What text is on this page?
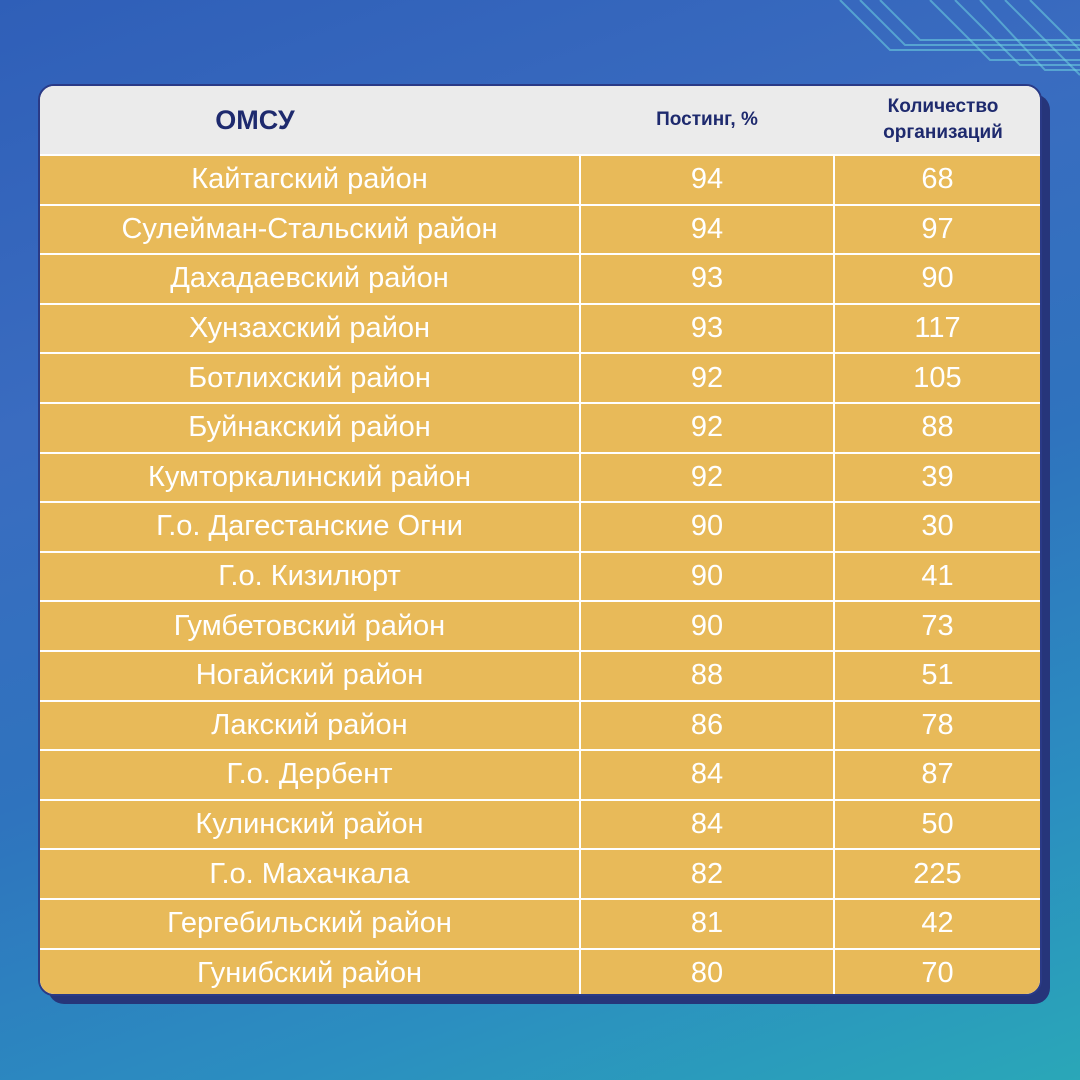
ОМСУ	Постинг, %	Количество
организаций
Кайтагский район	94	68
Сулейман-Стальский район	94	97
Дахадаевский район	93	90
Хунзахский район	93	117
Ботлихский район	92	105
Буйнакский район	92	88
Кумторкалинский район	92	39
Г.о. Дагестанские Огни	90	30
Г.о. Кизилюрт	90	41
Гумбетовский район	90	73
Ногайский район	88	51
Лакский район	86	78
Г.о. Дербент	84	87
Кулинский район	84	50
Г.о. Махачкала	82	225
Гергебильский район	81	42
Гунибский район	80	70
